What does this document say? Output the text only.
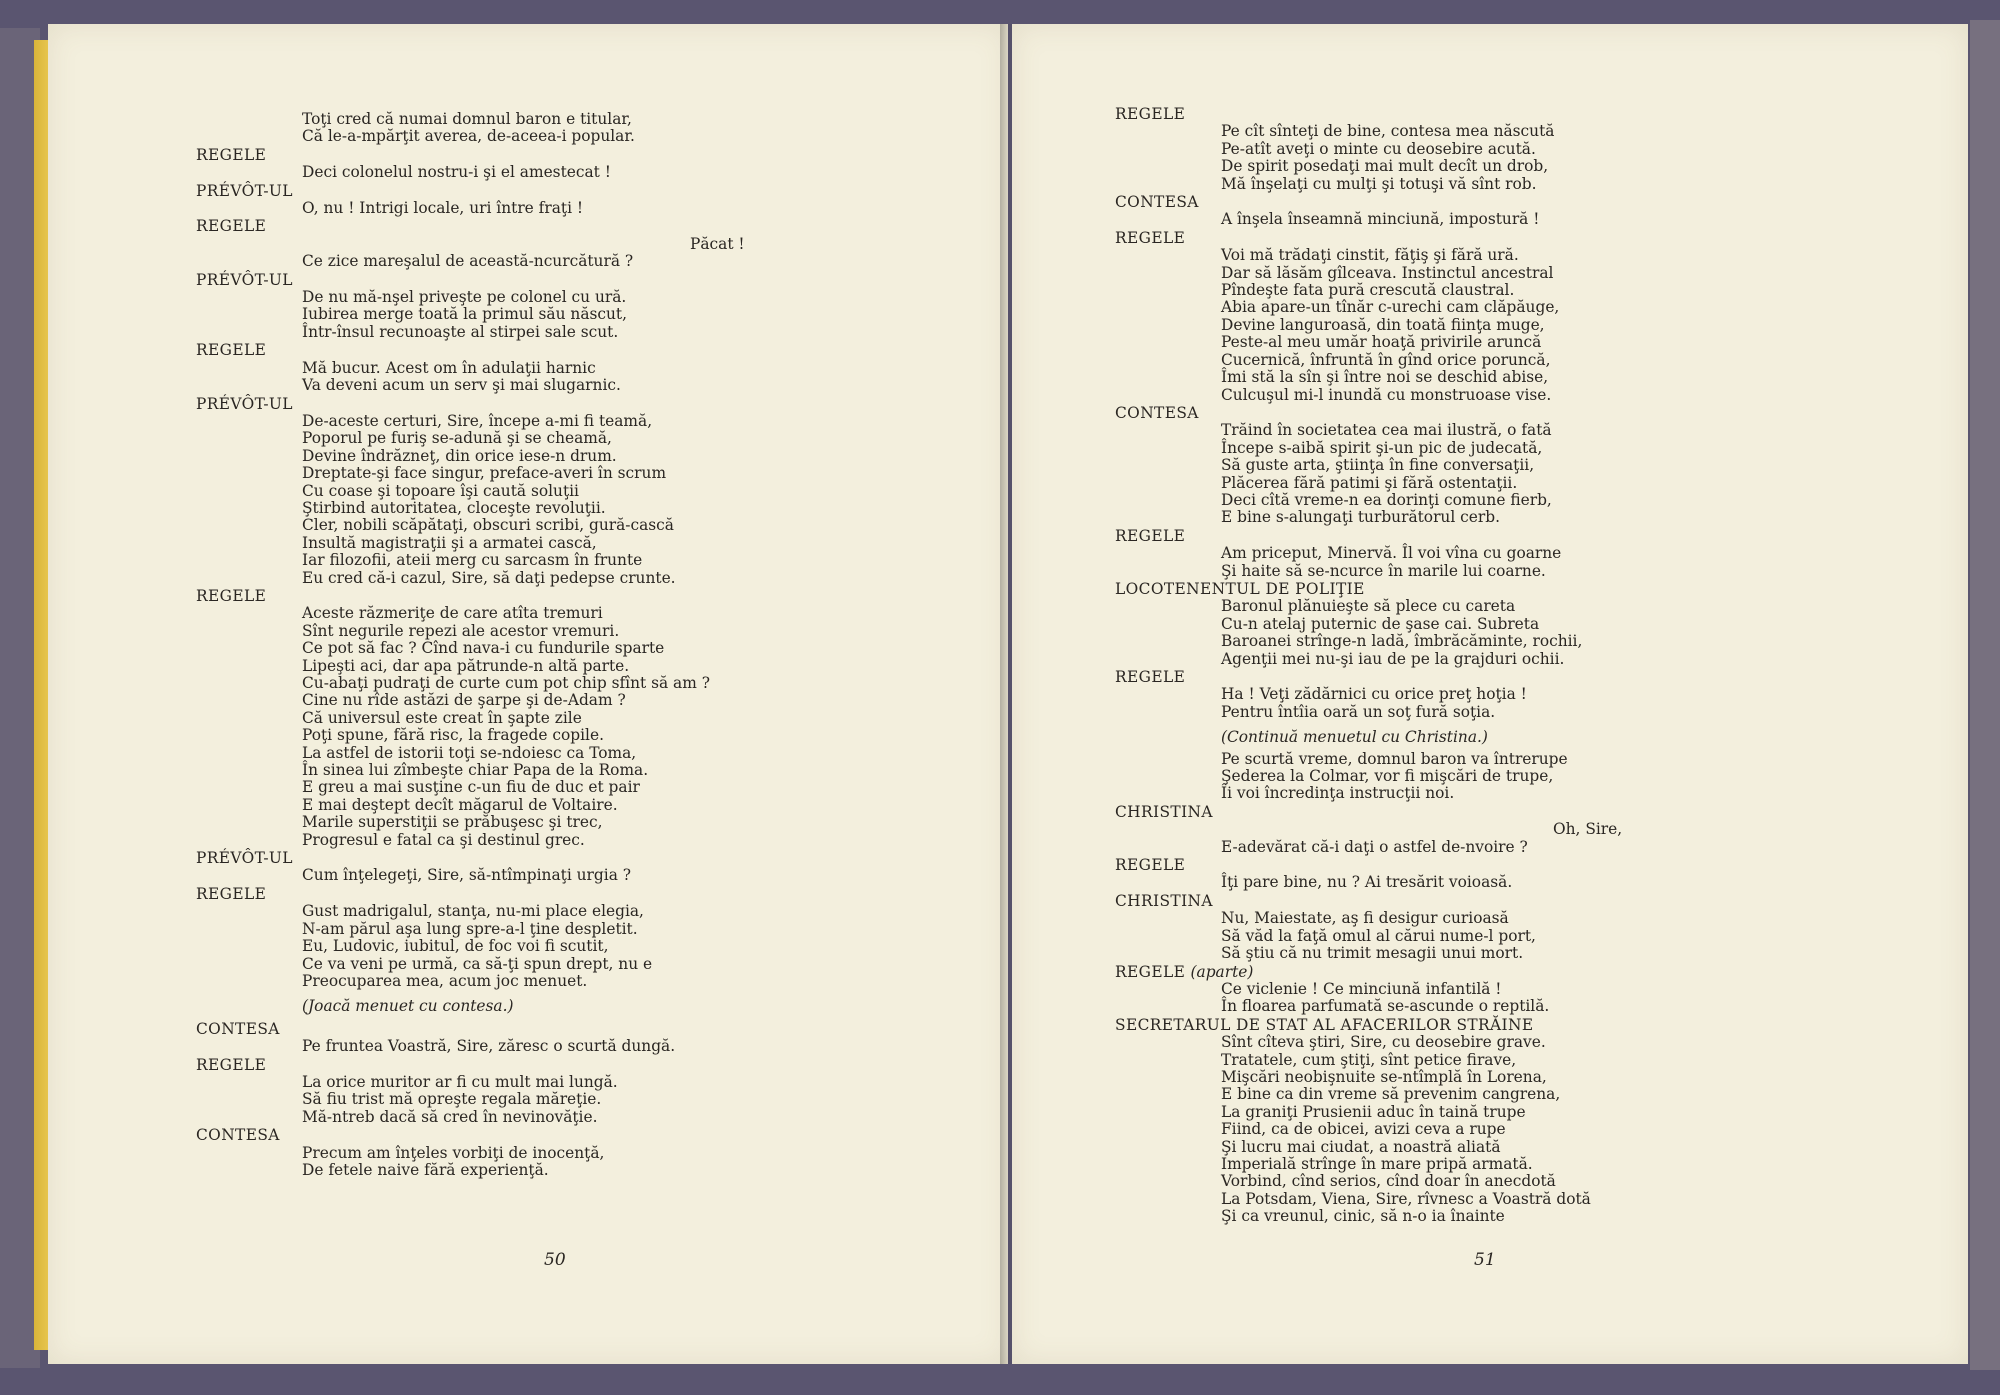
Toţi cred că numai domnul baron e titular,
Că le-a-mpărţit averea, de-aceea-i popular.
REGELE
Deci colonelul nostru-i şi el amestecat !
PRÉVÔT-UL
O, nu ! Intrigi locale, uri între fraţi !
REGELE
Păcat !
Ce zice mareşalul de această-ncurcătură ?
PRÉVÔT-UL
De nu mă-nşel priveşte pe colonel cu ură.
Iubirea merge toată la primul său născut,
Într-însul recunoaşte al stirpei sale scut.
REGELE
Mă bucur. Acest om în adulaţii harnic
Va deveni acum un serv şi mai slugarnic.
PRÉVÔT-UL
De-aceste certuri, Sire, începe a-mi fi teamă,
Poporul pe furiş se-adună şi se cheamă,
Devine îndrăzneţ, din orice iese-n drum.
Dreptate-şi face singur, preface-averi în scrum
Cu coase şi topoare îşi caută soluţii
Ştirbind autoritatea, cloceşte revoluţii.
Cler, nobili scăpătaţi, obscuri scribi, gură-cască
Insultă magistraţii şi a armatei cască,
Iar filozofii, ateii merg cu sarcasm în frunte
Eu cred că-i cazul, Sire, să daţi pedepse crunte.
REGELE
Aceste răzmeriţe de care atîta tremuri
Sînt negurile repezi ale acestor vremuri.
Ce pot să fac ? Cînd nava-i cu fundurile sparte
Lipeşti aci, dar apa pătrunde-n altă parte.
Cu-abaţi pudraţi de curte cum pot chip sfînt să am ?
Cine nu rîde astăzi de şarpe şi de-Adam ?
Că universul este creat în şapte zile
Poţi spune, fără risc, la fragede copile.
La astfel de istorii toţi se-ndoiesc ca Toma,
În sinea lui zîmbeşte chiar Papa de la Roma.
E greu a mai susţine c-un fiu de duc et pair
E mai deştept decît măgarul de Voltaire.
Marile superstiţii se prăbuşesc şi trec,
Progresul e fatal ca şi destinul grec.
PRÉVÔT-UL
Cum înţelegeţi, Sire, să-ntîmpinaţi urgia ?
REGELE
Gust madrigalul, stanţa, nu-mi place elegia,
N-am părul aşa lung spre-a-l ţine despletit.
Eu, Ludovic, iubitul, de foc voi fi scutit,
Ce va veni pe urmă, ca să-ţi spun drept, nu e
Preocuparea mea, acum joc menuet.
(Joacă menuet cu contesa.)
CONTESA
Pe fruntea Voastră, Sire, zăresc o scurtă dungă.
REGELE
La orice muritor ar fi cu mult mai lungă.
Să fiu trist mă opreşte regala măreţie.
Mă-ntreb dacă să cred în nevinovăţie.
CONTESA
Precum am înţeles vorbiţi de inocenţă,
De fetele naive fără experienţă.
50
REGELE
Pe cît sînteţi de bine, contesa mea născută
Pe-atît aveţi o minte cu deosebire acută.
De spirit posedaţi mai mult decît un drob,
Mă înşelaţi cu mulţi şi totuşi vă sînt rob.
CONTESA
A înşela înseamnă minciună, impostură !
REGELE
Voi mă trădaţi cinstit, făţiş şi fără ură.
Dar să lăsăm gîlceava. Instinctul ancestral
Pîndeşte fata pură crescută claustral.
Abia apare-un tînăr c-urechi cam clăpăuge,
Devine languroasă, din toată fiinţa muge,
Peste-al meu umăr hoaţă privirile aruncă
Cucernică, înfruntă în gînd orice poruncă,
Îmi stă la sîn şi între noi se deschid abise,
Culcuşul mi-l inundă cu monstruoase vise.
CONTESA
Trăind în societatea cea mai ilustră, o fată
Începe s-aibă spirit şi-un pic de judecată,
Să guste arta, ştiinţa în fine conversaţii,
Plăcerea fără patimi şi fără ostentaţii.
Deci cîtă vreme-n ea dorinţi comune fierb,
E bine s-alungaţi turburătorul cerb.
REGELE
Am priceput, Minervă. Îl voi vîna cu goarne
Şi haite să se-ncurce în marile lui coarne.
LOCOTENENTUL DE POLIŢIE
Baronul plănuieşte să plece cu careta
Cu-n atelaj puternic de şase cai. Subreta
Baroanei strînge-n ladă, îmbrăcăminte, rochii,
Agenţii mei nu-şi iau de pe la grajduri ochii.
REGELE
Ha ! Veţi zădărnici cu orice preţ hoţia !
Pentru întîia oară un soţ fură soţia.
(Continuă menuetul cu Christina.)
Pe scurtă vreme, domnul baron va întrerupe
Şederea la Colmar, vor fi mişcări de trupe,
Îi voi încredinţa instrucţii noi.
CHRISTINA
Oh, Sire,
E-adevărat că-i daţi o astfel de-nvoire ?
REGELE
Îţi pare bine, nu ? Ai tresărit voioasă.
CHRISTINA
Nu, Maiestate, aş fi desigur curioasă
Să văd la faţă omul al cărui nume-l port,
Să ştiu că nu trimit mesagii unui mort.
REGELE (aparte)
Ce viclenie ! Ce minciună infantilă !
În floarea parfumată se-ascunde o reptilă.
SECRETARUL DE STAT AL AFACERILOR STRĂINE
Sînt cîteva ştiri, Sire, cu deosebire grave.
Tratatele, cum ştiţi, sînt petice firave,
Mişcări neobişnuite se-ntîmplă în Lorena,
E bine ca din vreme să prevenim cangrena,
La graniţi Prusienii aduc în taină trupe
Fiind, ca de obicei, avizi ceva a rupe
Şi lucru mai ciudat, a noastră aliată
Imperială strînge în mare pripă armată.
Vorbind, cînd serios, cînd doar în anecdotă
La Potsdam, Viena, Sire, rîvnesc a Voastră dotă
Şi ca vreunul, cinic, să n-o ia înainte
51
